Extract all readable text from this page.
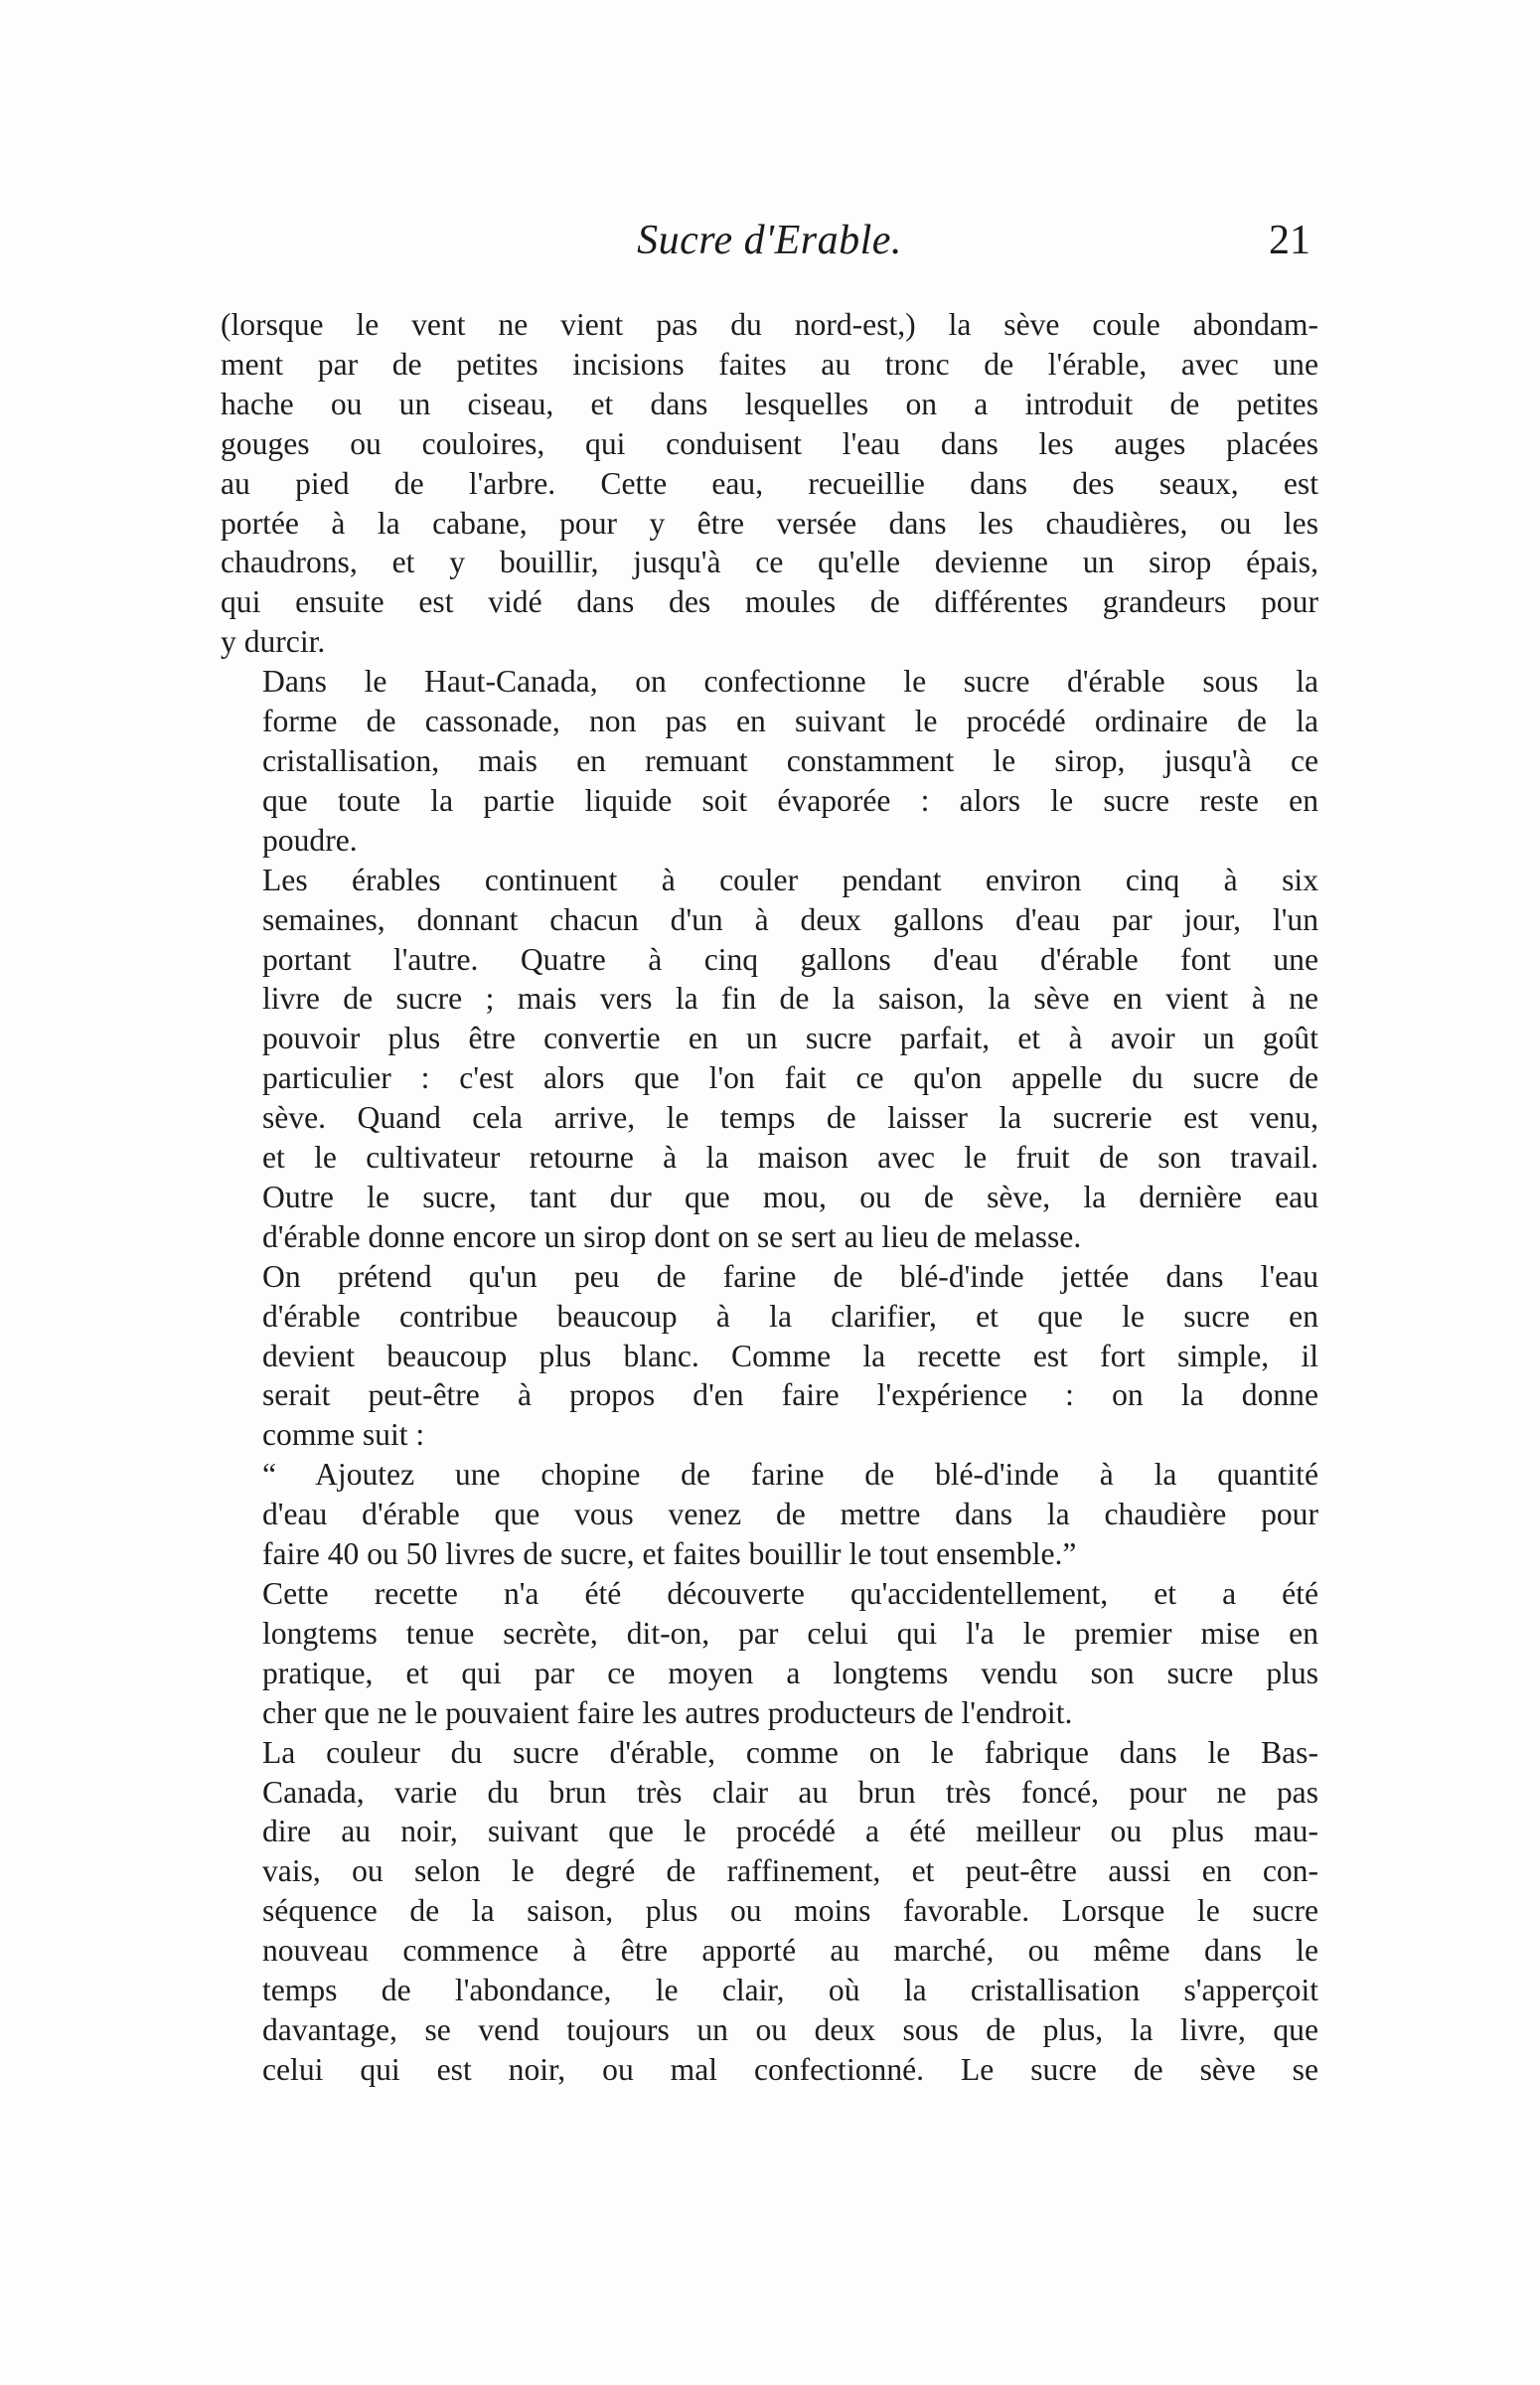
Sucre d'Erable.	21

(lorsque le vent ne vient pas du nord-est,) la sève coule abondam-
ment par de petites incisions faites au tronc de l'érable, avec une
hache ou un ciseau, et dans lesquelles on a introduit de petites
gouges ou couloires, qui conduisent l'eau dans les auges placées
au pied de l'arbre. Cette eau, recueillie dans des seaux, est
portée à la cabane, pour y être versée dans les chaudières, ou les
chaudrons, et y bouillir, jusqu'à ce qu'elle devienne un sirop épais,
qui ensuite est vidé dans des moules de différentes grandeurs pour
y durcir.

Dans le Haut-Canada, on confectionne le sucre d'érable sous la
forme de cassonade, non pas en suivant le procédé ordinaire de la
cristallisation, mais en remuant constamment le sirop, jusqu'à ce
que toute la partie liquide soit évaporée : alors le sucre reste en
poudre.

Les érables continuent à couler pendant environ cinq à six
semaines, donnant chacun d'un à deux gallons d'eau par jour, l'un
portant l'autre. Quatre à cinq gallons d'eau d'érable font une
livre de sucre ; mais vers la fin de la saison, la sève en vient à ne
pouvoir plus être convertie en un sucre parfait, et à avoir un goût
particulier : c'est alors que l'on fait ce qu'on appelle du sucre de
sève. Quand cela arrive, le temps de laisser la sucrerie est venu,
et le cultivateur retourne à la maison avec le fruit de son travail.
Outre le sucre, tant dur que mou, ou de sève, la dernière eau
d'érable donne encore un sirop dont on se sert au lieu de melasse.

On prétend qu'un peu de farine de blé-d'inde jettée dans l'eau
d'érable contribue beaucoup à la clarifier, et que le sucre en
devient beaucoup plus blanc. Comme la recette est fort simple, il
serait peut-être à propos d'en faire l'expérience : on la donne
comme suit :

“ Ajoutez une chopine de farine de blé-d'inde à la quantité
d'eau d'érable que vous venez de mettre dans la chaudière pour
faire 40 ou 50 livres de sucre, et faites bouillir le tout ensemble.”

Cette recette n'a été découverte qu'accidentellement, et a été
longtems tenue secrète, dit-on, par celui qui l'a le premier mise en
pratique, et qui par ce moyen a longtems vendu son sucre plus
cher que ne le pouvaient faire les autres producteurs de l'endroit.

La couleur du sucre d'érable, comme on le fabrique dans le Bas-
Canada, varie du brun très clair au brun très foncé, pour ne pas
dire au noir, suivant que le procédé a été meilleur ou plus mau-
vais, ou selon le degré de raffinement, et peut-être aussi en con-
séquence de la saison, plus ou moins favorable. Lorsque le sucre
nouveau commence à être apporté au marché, ou même dans le
temps de l'abondance, le clair, où la cristallisation s'apperçoit
davantage, se vend toujours un ou deux sous de plus, la livre, que
celui qui est noir, ou mal confectionné. Le sucre de sève se
